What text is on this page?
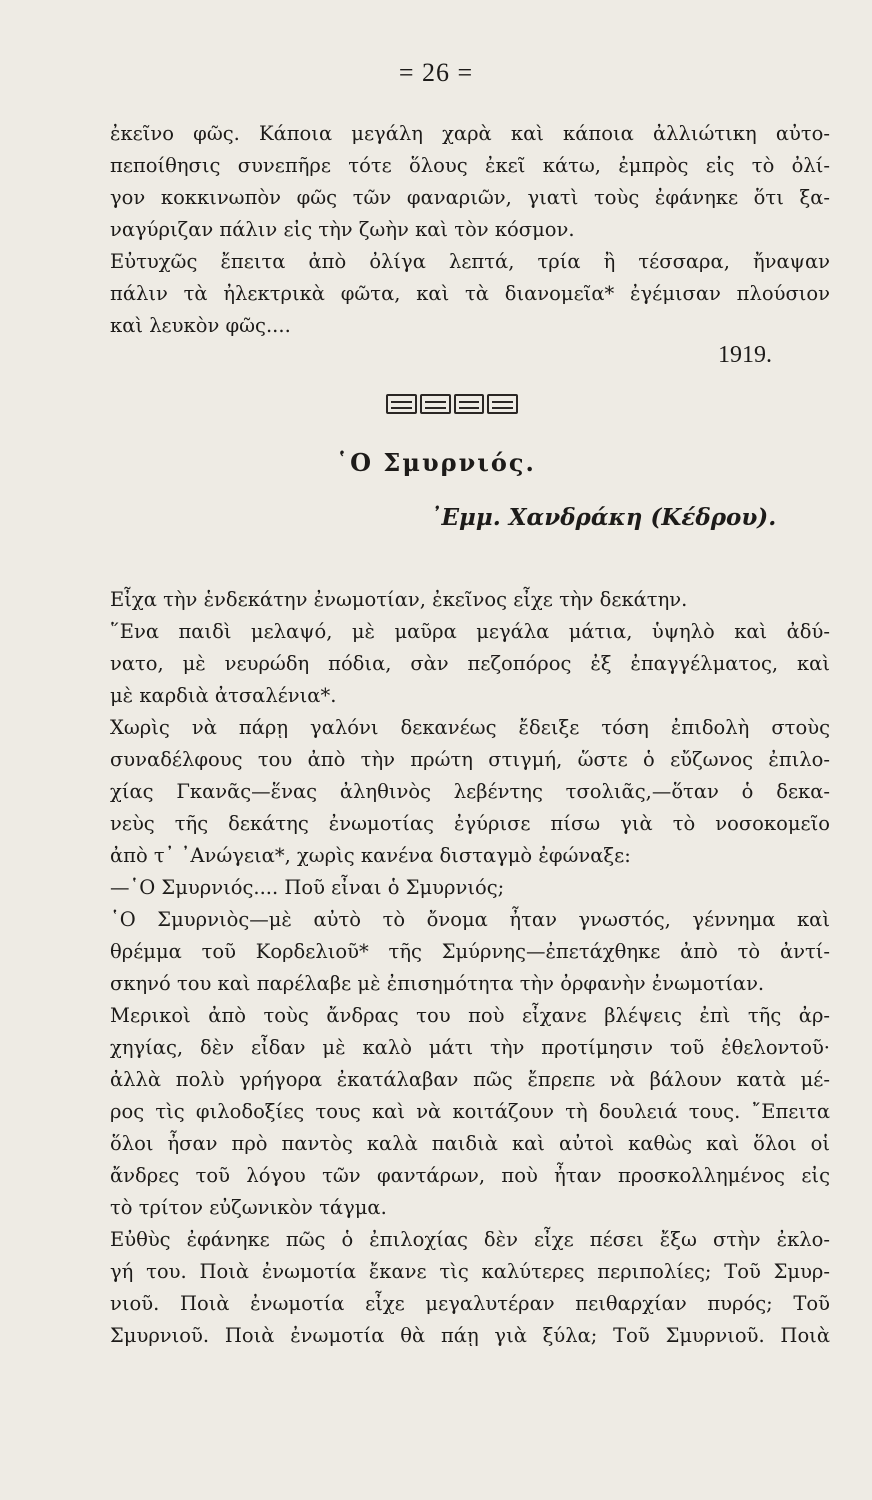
= 26 =
ἐκεῖνο φῶς. Κάποια μεγάλη χαρὰ καὶ κάποια ἀλλιώτικη αὐτο-
πεποίθησις συνεπῆρε τότε ὅλους ἐκεῖ κάτω, ἐμπρὸς εἰς τὸ ὀλί-
γον κοκκινωπὸν φῶς τῶν φαναριῶν, γιατὶ τοὺς ἐφάνηκε ὅτι ξα-
ναγύριζαν πάλιν εἰς τὴν ζωὴν καὶ τὸν κόσμον.
Εὐτυχῶς ἔπειτα ἀπὸ ὀλίγα λεπτά, τρία ἢ τέσσαρα, ἤναψαν
πάλιν τὰ ἠλεκτρικὰ φῶτα, καὶ τὰ διανομεῖα* ἐγέμισαν πλούσιον
καὶ λευκὸν φῶς....
1919.
῾Ο Σμυρνιός.
᾿Εμμ. Χανδράκη (Κέδρου).
Εἶχα τὴν ἑνδεκάτην ἐνωμοτίαν, ἐκεῖνος εἶχε τὴν δεκάτην.
῞Ενα παιδὶ μελαψό, μὲ μαῦρα μεγάλα μάτια, ὑψηλὸ καὶ ἀδύ-
νατο, μὲ νευρώδη πόδια, σὰν πεζοπόρος ἐξ ἐπαγγέλματος, καὶ
μὲ καρδιὰ ἀτσαλένια*.
Χωρὶς νὰ πάρῃ γαλόνι δεκανέως ἔδειξε τόση ἐπιδολὴ στοὺς
συναδέλφους του ἀπὸ τὴν πρώτη στιγμή, ὥστε ὁ εὔζωνος ἐπιλο-
χίας Γκανᾶς—ἕνας ἀληθινὸς λεβέντης τσολιᾶς,—ὅταν ὁ δεκα-
νεὺς τῆς δεκάτης ἐνωμοτίας ἐγύρισε πίσω γιὰ τὸ νοσοκομεῖο
ἀπὸ τ᾿ ᾿Ανώγεια*, χωρὶς κανένα δισταγμὸ ἐφώναξε:
—῾Ο Σμυρνιός.... Ποῦ εἶναι ὁ Σμυρνιός;
῾Ο Σμυρνιὸς—μὲ αὐτὸ τὸ ὄνομα ἦταν γνωστός, γέννημα καὶ
θρέμμα τοῦ Κορδελιοῦ* τῆς Σμύρνης—ἐπετάχθηκε ἀπὸ τὸ ἀντί-
σκηνό του καὶ παρέλαβε μὲ ἐπισημότητα τὴν ὀρφανὴν ἐνωμοτίαν.
Μερικοὶ ἀπὸ τοὺς ἄνδρας του ποὺ εἶχανε βλέψεις ἐπὶ τῆς ἀρ-
χηγίας, δὲν εἶδαν μὲ καλὸ μάτι τὴν προτίμησιν τοῦ ἐθελοντοῦ·
ἀλλὰ πολὺ γρήγορα ἐκατάλαβαν πῶς ἔπρεπε νὰ βάλουν κατὰ μέ-
ρος τὶς φιλοδοξίες τους καὶ νὰ κοιτάζουν τὴ δουλειά τους. ῎Επειτα
ὅλοι ἦσαν πρὸ παντὸς καλὰ παιδιὰ καὶ αὐτοὶ καθὼς καὶ ὅλοι οἱ
ἄνδρες τοῦ λόγου τῶν φαντάρων, ποὺ ἦταν προσκολλημένος εἰς
τὸ τρίτον εὐζωνικὸν τάγμα.
Εὐθὺς ἐφάνηκε πῶς ὁ ἐπιλοχίας δὲν εἶχε πέσει ἔξω στὴν ἐκλο-
γή του. Ποιὰ ἐνωμοτία ἔκανε τὶς καλύτερες περιπολίες; Τοῦ Σμυρ-
νιοῦ. Ποιὰ ἐνωμοτία εἶχε μεγαλυτέραν πειθαρχίαν πυρός; Τοῦ
Σμυρνιοῦ. Ποιὰ ἐνωμοτία θὰ πάῃ γιὰ ξύλα; Τοῦ Σμυρνιοῦ. Ποιὰ
